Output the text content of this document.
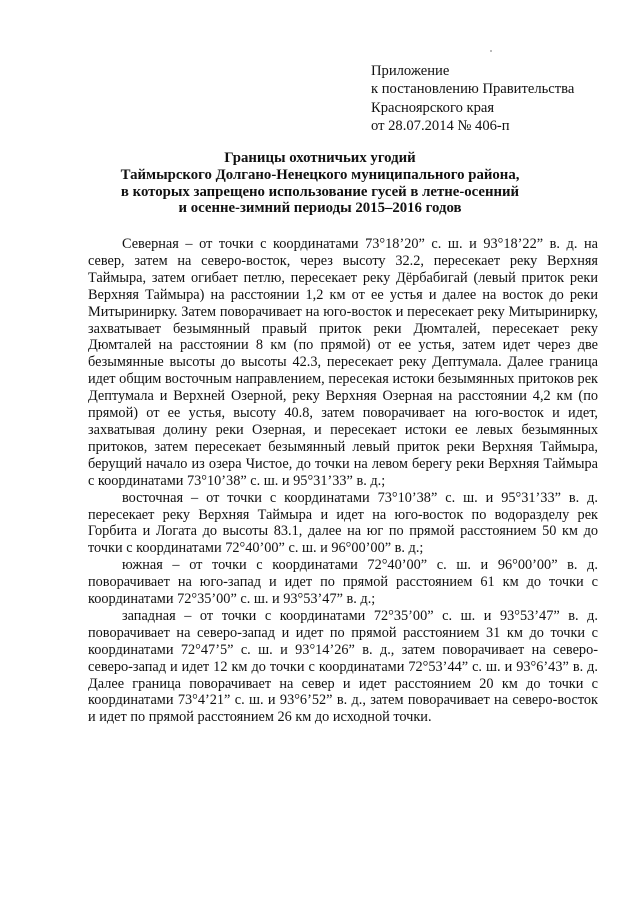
Приложение
к постановлению Правительства
Красноярского края
от 28.07.2014 № 406-п
Границы охотничьих угодий
Таймырского Долгано-Ненецкого муниципального района,
в которых запрещено использование гусей в летне-осенний
и осенне-зимний периоды 2015–2016 годов

Северная – от точки с координатами 73°18’20” с. ш. и 93°18’22” в. д. на север, затем на северо-восток, через высоту 32.2, пересекает реку Верхняя Таймыра, затем огибает петлю, пересекает реку Дёрбабигай (левый приток реки Верхняя Таймыра) на расстоянии 1,2 км от ее устья и далее на восток до реки Митыринирку. Затем поворачивает на юго-восток и пересекает реку Митыринирку, захватывает безымянный правый приток реки Дюмталей, пересекает реку Дюмталей на расстоянии 8 км (по прямой) от ее устья, затем идет через две безымянные высоты до высоты 42.3, пересекает реку Дептумала. Далее граница идет общим восточным направлением, пересекая истоки безымянных притоков рек Дептумала и Верхней Озерной, реку Верхняя Озерная на расстоянии 4,2 км (по прямой) от ее устья, высоту 40.8, затем поворачивает на юго-восток и идет, захватывая долину реки Озерная, и пересекает истоки ее левых безымянных притоков, затем пересекает безымянный левый приток реки Верхняя Таймыра, берущий начало из озера Чистое, до точки на левом берегу реки Верхняя Таймыра с координатами 73°10’38” с. ш. и 95°31’33” в. д.;

восточная – от точки с координатами 73°10’38” с. ш. и 95°31’33” в. д. пересекает реку Верхняя Таймыра и идет на юго-восток по водоразделу рек Горбита и Логата до высоты 83.1, далее на юг по прямой расстоянием 50 км до точки с координатами 72°40’00” с. ш. и 96°00’00” в. д.;

южная – от точки с координатами 72°40’00” с. ш. и 96°00’00” в. д. поворачивает на юго-запад и идет по прямой расстоянием 61 км до точки с координатами 72°35’00” с. ш. и 93°53’47” в. д.;

западная – от точки с координатами 72°35’00” с. ш. и 93°53’47” в. д. поворачивает на северо-запад и идет по прямой расстоянием 31 км до точки с координатами 72°47’5” с. ш. и 93°14’26” в. д., затем поворачивает на северо-северо-запад и идет 12 км до точки с координатами 72°53’44” с. ш. и 93°6’43” в. д. Далее граница поворачивает на север и идет расстоянием 20 км до точки с координатами 73°4’21” с. ш. и 93°6’52” в. д., затем поворачивает на северо-восток и идет по прямой расстоянием 26 км до исходной точки.
